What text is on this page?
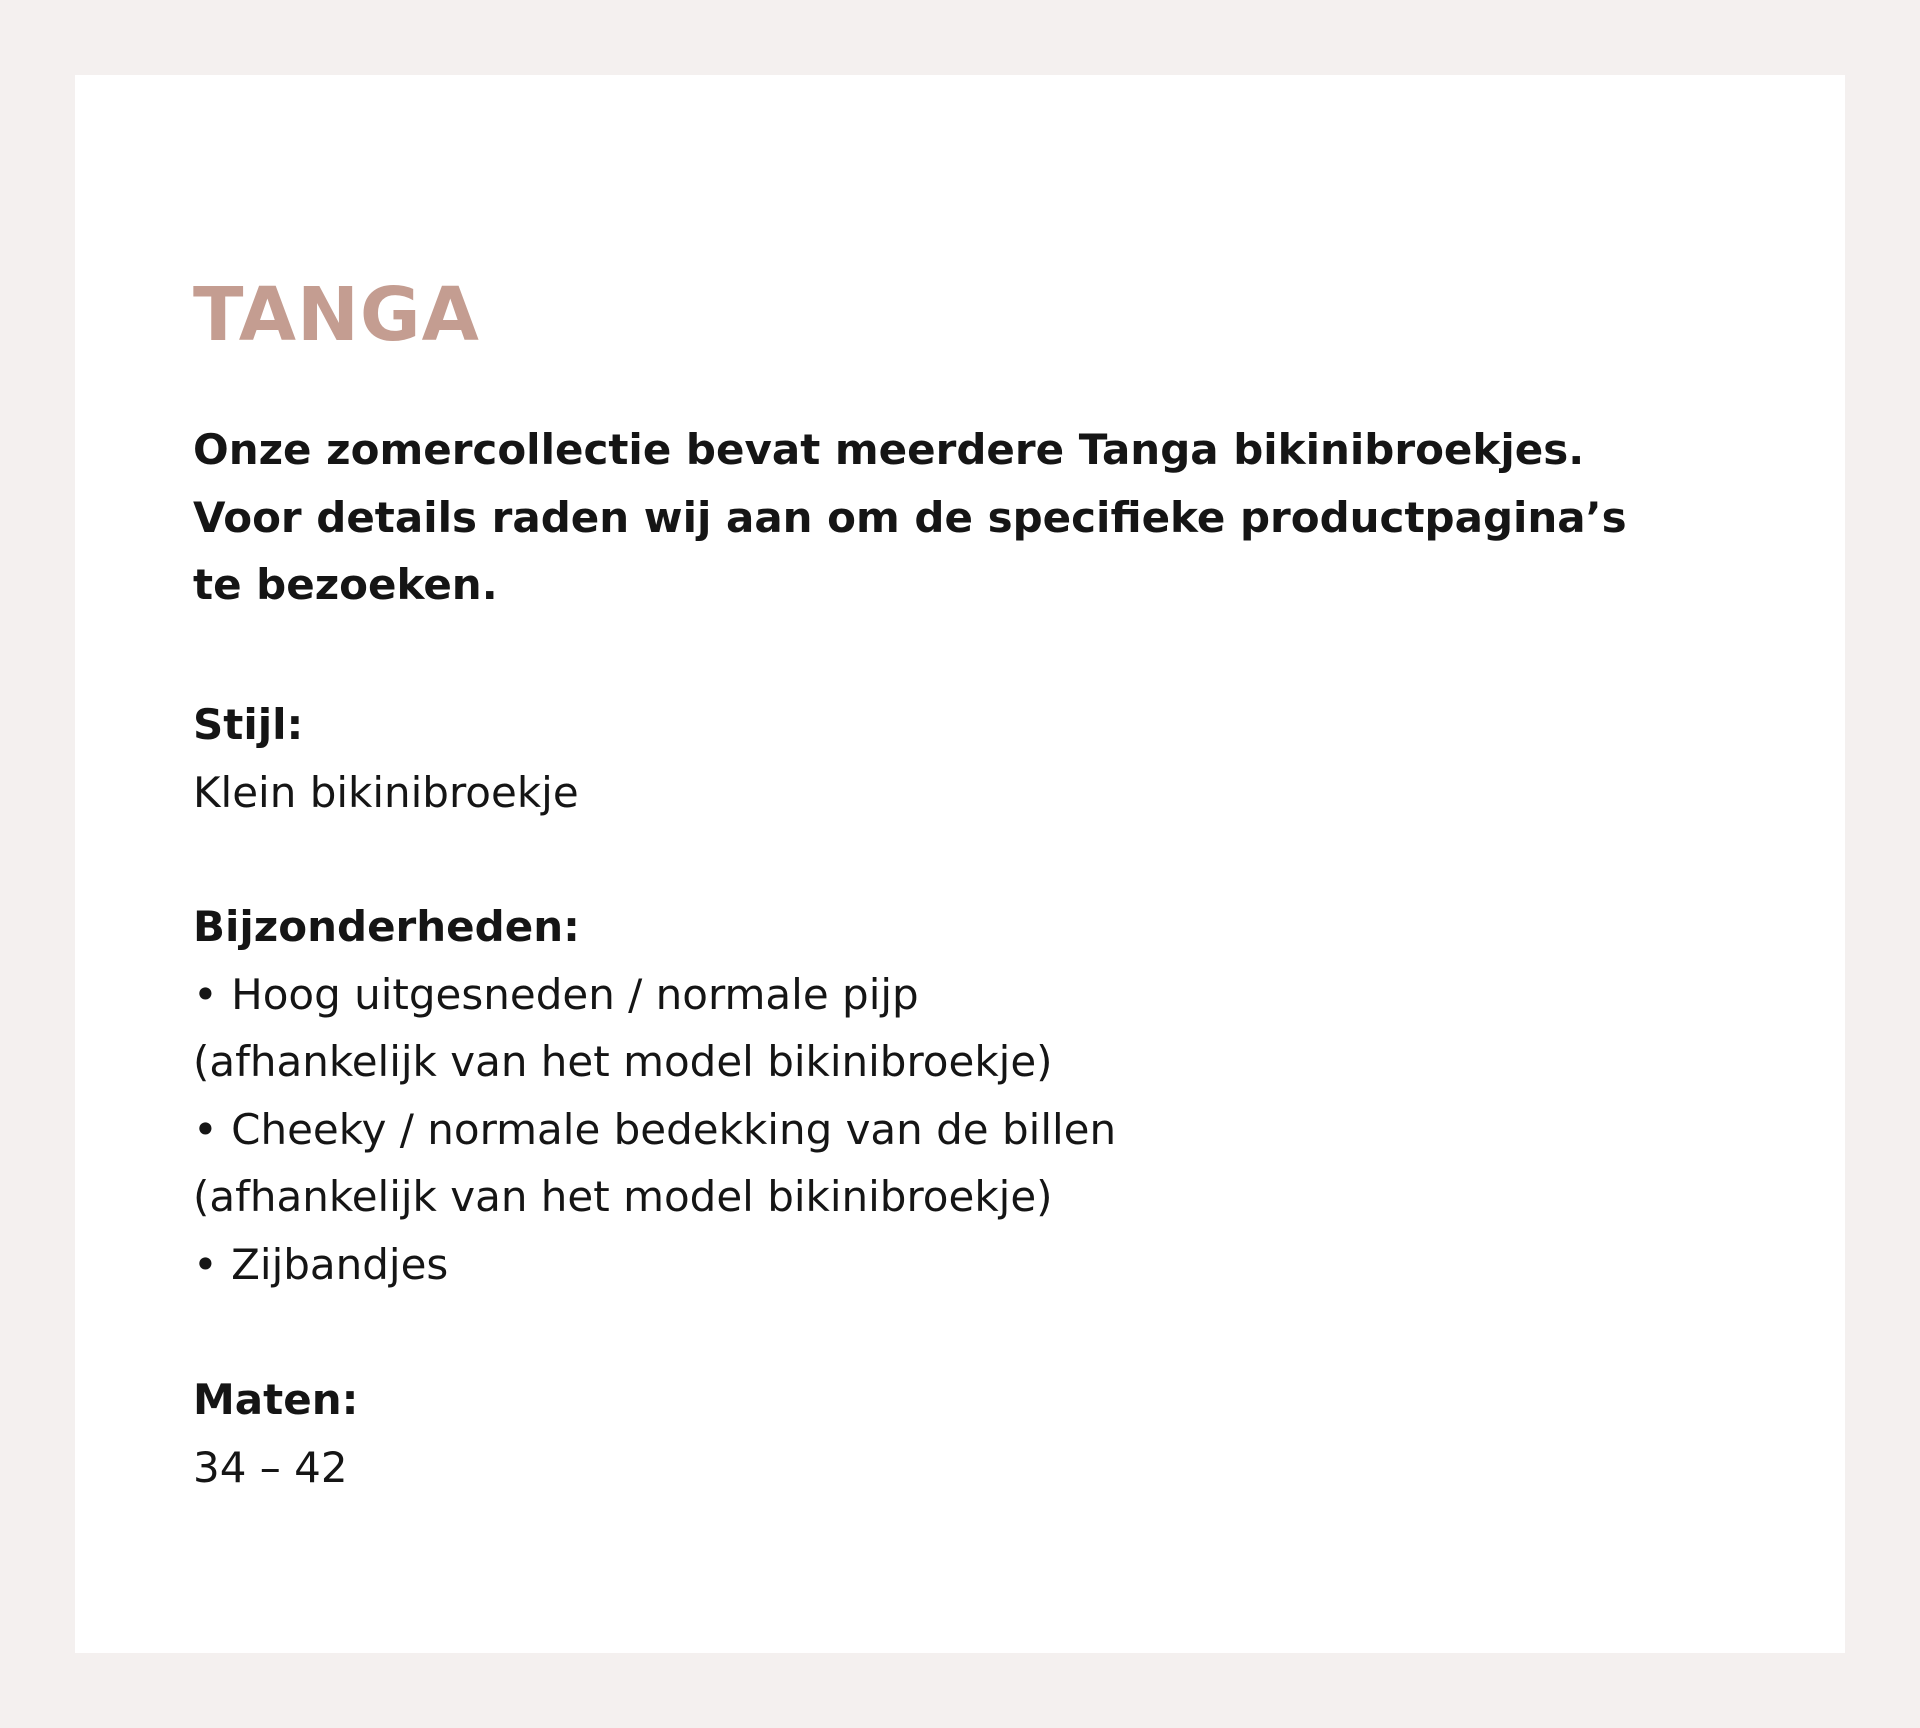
TANGA

Onze zomercollectie bevat meerdere Tanga bikinibroekjes.
Voor details raden wij aan om de specifieke productpagina’s
te bezoeken.

Stijl:
Klein bikinibroekje
Bijzonderheden:
• Hoog uitgesneden / normale pijp
(afhankelijk van het model bikinibroekje)
• Cheeky / normale bedekking van de billen
(afhankelijk van het model bikinibroekje)
• Zijbandjes
Maten:
34 – 42
